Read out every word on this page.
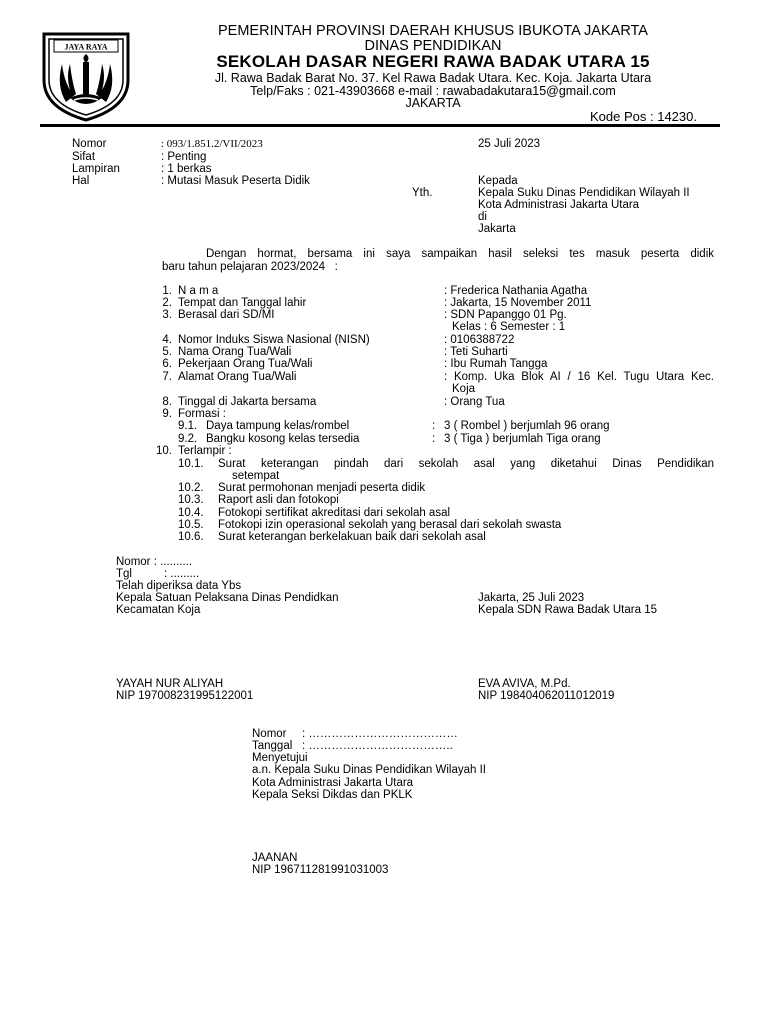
JAYA RAYA
PEMERINTAH PROVINSI DAERAH KHUSUS IBUKOTA JAKARTA
DINAS PENDIDIKAN
SEKOLAH DASAR NEGERI RAWA BADAK UTARA 15
Jl. Rawa Badak Barat No. 37. Kel Rawa Badak Utara. Kec. Koja. Jakarta Utara
Telp/Faks : 021-43903668 e-mail : rawabadakutara15@gmail.com
JAKARTA
Kode Pos : 14230.
Nomor	: 093/1.851.2/VII/2023
Sifat	: Penting
Lampiran	: 1 berkas
Hal	: Mutasi Masuk Peserta Didik
25 Juli 2023
Kepada
Yth.	Kepala Suku Dinas Pendidikan Wilayah II
Kota Administrasi Jakarta Utara
di
Jakarta
Dengan hormat, bersama ini saya sampaikan hasil seleksi tes masuk peserta didik
baru tahun pelajaran 2023/2024   :
1. N a m a	: Frederica Nathania Agatha
2. Tempat dan Tanggal lahir	: Jakarta, 15 November 2011
3. Berasal dari SD/MI	: SDN Papanggo 01 Pg.
Kelas : 6 Semester : 1
4. Nomor Induks Siswa Nasional (NISN)	: 0106388722
5. Nama Orang Tua/Wali	: Teti Suharti
6. Pekerjaan Orang Tua/Wali	: Ibu Rumah Tangga
7. Alamat Orang Tua/Wali	: Komp. Uka Blok AI / 16 Kel. Tugu Utara Kec.
Koja
8. Tinggal di Jakarta bersama	: Orang Tua
9. Formasi :
9.1. Daya tampung kelas/rombel	: 3 ( Rombel ) berjumlah 96 orang
9.2. Bangku kosong kelas tersedia	: 3 ( Tiga ) berjumlah Tiga orang
10. Terlampir :
10.1. Surat keterangan pindah dari sekolah asal yang diketahui Dinas Pendidikan
setempat
10.2. Surat permohonan menjadi peserta didik
10.3. Raport asli dan fotokopi
10.4. Fotokopi sertifikat akreditasi dari sekolah asal
10.5. Fotokopi izin operasional sekolah yang berasal dari sekolah swasta
10.6. Surat keterangan berkelakuan baik dari sekolah asal
Nomor : ..........
Tgl	: .........
Telah diperiksa data Ybs
Kepala Satuan Pelaksana Dinas Pendidkan
Kecamatan Koja
YAYAH NUR ALIYAH
NIP 197008231995122001
Jakarta, 25 Juli 2023
Kepala SDN Rawa Badak Utara 15
EVA AVIVA, M.Pd.
NIP 198404062011012019
Nomor : …………………………………
Tanggal : ………………………………..
Menyetujui
a.n. Kepala Suku Dinas Pendidikan Wilayah II
Kota Administrasi Jakarta Utara
Kepala Seksi Dikdas dan PKLK
JAANAN
NIP 196711281991031003
